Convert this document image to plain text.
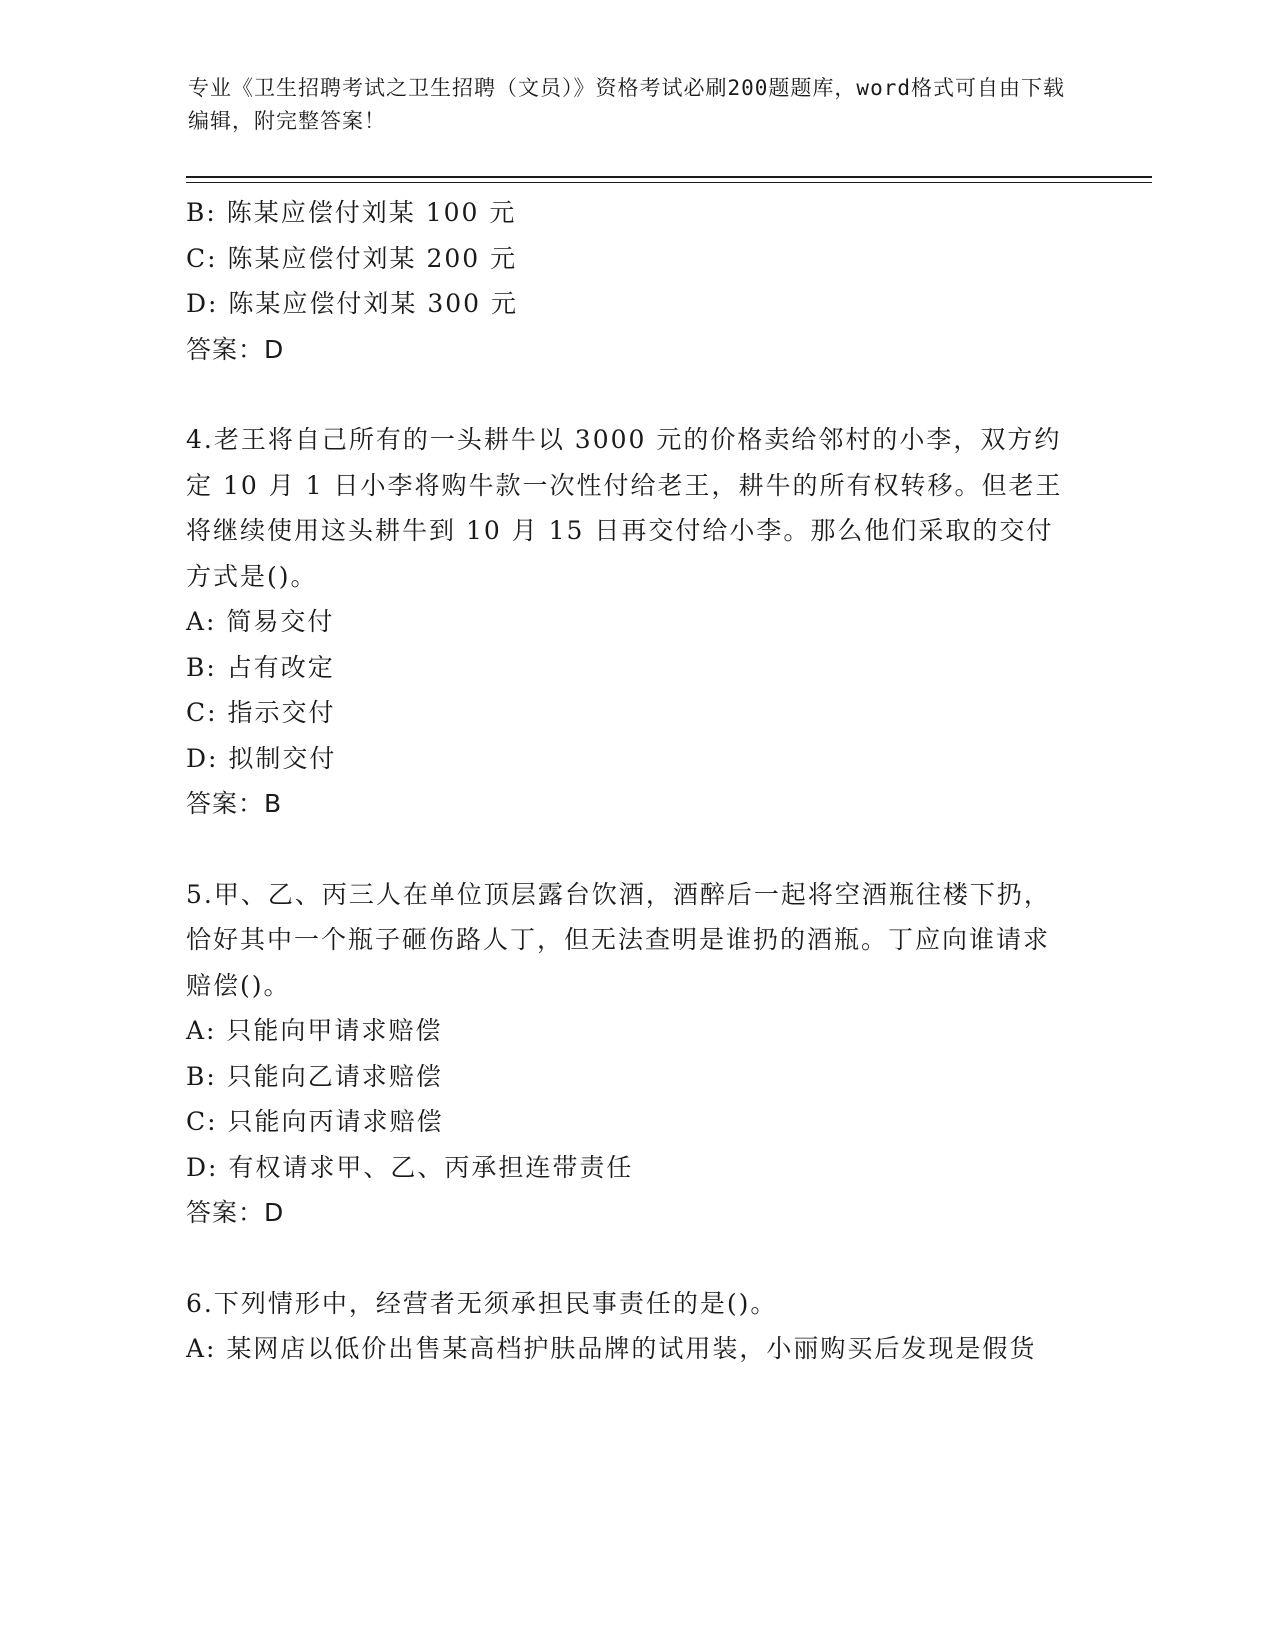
专业《卫生招聘考试之卫生招聘（文员）》资格考试必刷200题题库，word格式可自由下载编辑，附完整答案！

B: 陈某应偿付刘某 100 元

C: 陈某应偿付刘某 200 元

D: 陈某应偿付刘某 300 元

答案：D

4.老王将自己所有的一头耕牛以 3000 元的价格卖给邻村的小李，双方约定 10 月 1 日小李将购牛款一次性付给老王，耕牛的所有权转移。但老王将继续使用这头耕牛到 10 月 15 日再交付给小李。那么他们采取的交付方式是()。

A: 简易交付

B: 占有改定

C: 指示交付

D: 拟制交付

答案：B

5.甲、乙、丙三人在单位顶层露台饮酒，酒醉后一起将空酒瓶往楼下扔，恰好其中一个瓶子砸伤路人丁，但无法查明是谁扔的酒瓶。丁应向谁请求赔偿()。

A: 只能向甲请求赔偿

B: 只能向乙请求赔偿

C: 只能向丙请求赔偿

D: 有权请求甲、乙、丙承担连带责任

答案：D

6.下列情形中，经营者无须承担民事责任的是()。

A: 某网店以低价出售某高档护肤品牌的试用装，小丽购买后发现是假货
